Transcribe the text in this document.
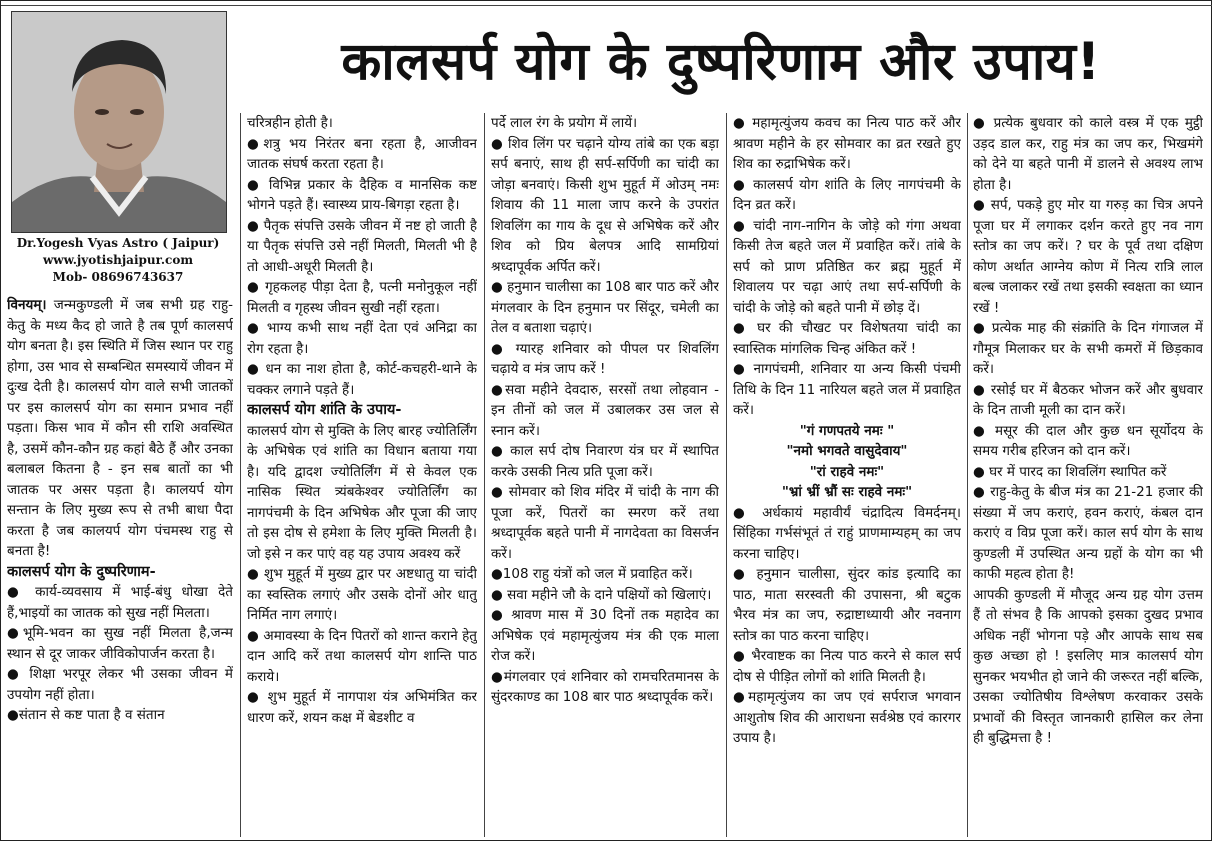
Dr.Yogesh Vyas Astro ( Jaipur)
www.jyotishjaipur.com
Mob- 08696743637
कालसर्प योग के दुष्परिणाम और उपाय!

विनयम्। जन्मकुण्डली में जब सभी ग्रह राहु-केतु के मध्य कैद हो जाते है तब पूर्ण कालसर्प योग बनता है। इस स्थिति में जिस स्थान पर राहु होगा, उस भाव से सम्बन्धित समस्यायें जीवन में दुःख देती है। कालसर्प योग वाले सभी जातकों पर इस कालसर्प योग का समान प्रभाव नहीं पड़ता। किस भाव में कौन सी राशि अवस्थित है, उसमें कौन-कौन ग्रह कहां बैठे हैं और उनका बलाबल कितना है - इन सब बातों का भी जातक पर असर पड़ता है। कालयर्प योग सन्तान के लिए मुख्य रूप से तभी बाधा पैदा करता है जब कालयर्प योग पंचमस्थ राहु से बनता है!

कालसर्प योग के दुष्परिणाम-

● कार्य-व्यवसाय में भाई-बंधु धोखा देते हैं,भाइयों का जातक को सुख नहीं मिलता।

●भूमि-भवन का सुख नहीं मिलता है,जन्म स्थान से दूर जाकर जीविकोपार्जन करता है।

● शिक्षा भरपूर लेकर भी उसका जीवन में उपयोग नहीं होता।

●संतान से कष्ट पाता है व संतान

चरित्रहीन होती है।

●शत्रु भय निरंतर बना रहता है, आजीवन जातक संघर्ष करता रहता है।

● विभिन्न प्रकार के दैहिक व मानसिक कष्ट भोगने पड़ते हैं। स्वास्थ्य प्राय-बिगड़ा रहता है।

● पैतृक संपत्ति उसके जीवन में नष्ट हो जाती है या पैतृक संपत्ति उसे नहीं मिलती, मिलती भी है तो आधी-अधूरी मिलती है।

● गृहकलह पीड़ा देता है, पत्नी मनोनुकूल नहीं मिलती व गृहस्थ जीवन सुखी नहीं रहता।

● भाग्य कभी साथ नहीं देता एवं अनिद्रा का रोग रहता है।

● धन का नाश होता है, कोर्ट-कचहरी-थाने के चक्कर लगाने पड़ते हैं।

कालसर्प योग शांति के उपाय-

कालसर्प योग से मुक्ति के लिए बारह ज्योतिर्लिंग के अभिषेक एवं शांति का विधान बताया गया है। यदि द्वादश ज्योतिर्लिंग में से केवल एक नासिक स्थित त्र्यंबकेश्वर ज्योतिर्लिंग का नागपंचमी के दिन अभिषेक और पूजा की जाए तो इस दोष से हमेशा के लिए मुक्ति मिलती है। जो इसे न कर पाएं वह यह उपाय अवश्य करें

● शुभ मुहूर्त में मुख्य द्वार पर अष्टधातु या चांदी का स्वस्तिक लगाएं और उसके दोनों ओर धातु निर्मित नाग लगाएं।

● अमावस्या के दिन पितरों को शान्त कराने हेतु दान आदि करें तथा कालसर्प योग शान्ति पाठ कराये।

● शुभ मुहूर्त में नागपाश यंत्र अभिमंत्रित कर धारण करें, शयन कक्ष में बेडशीट व

पर्दे लाल रंग के प्रयोग में लायें।

● शिव लिंग पर चढ़ाने योग्य तांबे का एक बड़ा सर्प बनाएं, साथ ही सर्प-सर्पिणी का चांदी का जोड़ा बनवाएं। किसी शुभ मुहूर्त में ओउम् नमः शिवाय की 11 माला जाप करने के उपरांत शिवलिंग का गाय के दूध से अभिषेक करें और शिव को प्रिय बेलपत्र आदि सामग्रियां श्रध्दापूर्वक अर्पित करें।

● हनुमान चालीसा का 108 बार पाठ करें और मंगलवार के दिन हनुमान पर सिंदूर, चमेली का तेल व बताशा चढ़ाएं।

● ग्यारह शनिवार को पीपल पर शिवलिंग चढ़ाये व मंत्र जाप करें !

●सवा महीने देवदारु, सरसों तथा लोहवान - इन तीनों को जल में उबालकर उस जल से स्नान करें।

● काल सर्प दोष निवारण यंत्र घर में स्थापित करके उसकी नित्य प्रति पूजा करें।

● सोमवार को शिव मंदिर में चांदी के नाग की पूजा करें, पितरों का स्मरण करें तथा श्रध्दापूर्वक बहते पानी में नागदेवता का विसर्जन करें।

●108 राहु यंत्रों को जल में प्रवाहित करें।

● सवा महीने जौ के दाने पक्षियों को खिलाएं।

● श्रावण मास में 30 दिनों तक महादेव का अभिषेक एवं महामृत्युंजय मंत्र की एक माला रोज करें।

●मंगलवार एवं शनिवार को रामचरितमानस के सुंदरकाण्ड का 108 बार पाठ श्रध्दापूर्वक करें।

● महामृत्युंजय कवच का नित्य पाठ करें और श्रावण महीने के हर सोमवार का व्रत रखते हुए शिव का रुद्राभिषेक करें।

● कालसर्प योग शांति के लिए नागपंचमी के दिन व्रत करें।

● चांदी नाग-नागिन के जोड़े को गंगा अथवा किसी तेज बहते जल में प्रवाहित करें। तांबे के सर्प को प्राण प्रतिष्ठित कर ब्रह्म मुहूर्त में शिवालय पर चढ़ा आएं तथा सर्प-सर्पिणी के चांदी के जोड़े को बहते पानी में छोड़ दें।

● घर की चौखट पर विशेषतया चांदी का स्वास्तिक मांगलिक चिन्ह अंकित करें !

● नागपंचमी, शनिवार या अन्य किसी पंचमी तिथि के दिन 11 नारियल बहते जल में प्रवाहित करें।

"गं गणपतये नमः "

"नमो भगवते वासुदेवाय"

"रां राहवे नमः"

"भ्रां भ्रीं भ्रौं सः राहवे नमः"

● अर्धकायं महावीर्यं चंद्रादित्य विमर्दनम्। सिंहिका गर्भसंभूतं तं राहुं प्राणमाम्यहम् का जप करना चाहिए।

● हनुमान चालीसा, सुंदर कांड इत्यादि का पाठ, माता सरस्वती की उपासना, श्री बटुक भैरव मंत्र का जप, रुद्राष्टाध्यायी और नवनाग स्तोत्र का पाठ करना चाहिए।

● भैरवाष्टक का नित्य पाठ करने से काल सर्प दोष से पीड़ित लोगों को शांति मिलती है।

●महामृत्युंजय का जप एवं सर्पराज भगवान आशुतोष शिव की आराधना सर्वश्रेष्ठ एवं कारगर उपाय है।

● प्रत्येक बुधवार को काले वस्त्र में एक मुट्ठी उड़द डाल कर, राहु मंत्र का जप कर, भिखमंगे को देने या बहते पानी में डालने से अवश्य लाभ होता है।

● सर्प, पकड़े हुए मोर या गरुड़ का चित्र अपने पूजा घर में लगाकर दर्शन करते हुए नव नाग स्तोत्र का जप करें। ? घर के पूर्व तथा दक्षिण कोण अर्थात आग्नेय कोण में नित्य रात्रि लाल बल्ब जलाकर रखें तथा इसकी स्वक्षता का ध्यान रखें !

● प्रत्येक माह की संक्रांति के दिन गंगाजल में गौमूत्र मिलाकर घर के सभी कमरों में छिड़काव करें।

● रसोई घर में बैठकर भोजन करें और बुधवार के दिन ताजी मूली का दान करें।

● मसूर की दाल और कुछ धन सूर्योदय के समय गरीब हरिजन को दान करें।

● घर में पारद का शिवलिंग स्थापित करें

● राहु-केतु के बीज मंत्र का 21-21 हजार की संख्या में जप कराएं, हवन कराएं, कंबल दान कराएं व विप्र पूजा करें। काल सर्प योग के साथ कुण्डली में उपस्थित अन्य ग्रहों के योग का भी काफी महत्व होता है!

आपकी कुण्डली में मौजूद अन्य ग्रह योग उत्तम हैं तो संभव है कि आपको इसका दुखद प्रभाव अधिक नहीं भोगना पड़े और आपके साथ सब कुछ अच्छा हो ! इसलिए मात्र कालसर्प योग सुनकर भयभीत हो जाने की जरूरत नहीं बल्कि, उसका ज्योतिषीय विश्लेषण करवाकर उसके प्रभावों की विस्तृत जानकारी हासिल कर लेना ही बुद्धिमत्ता है !
